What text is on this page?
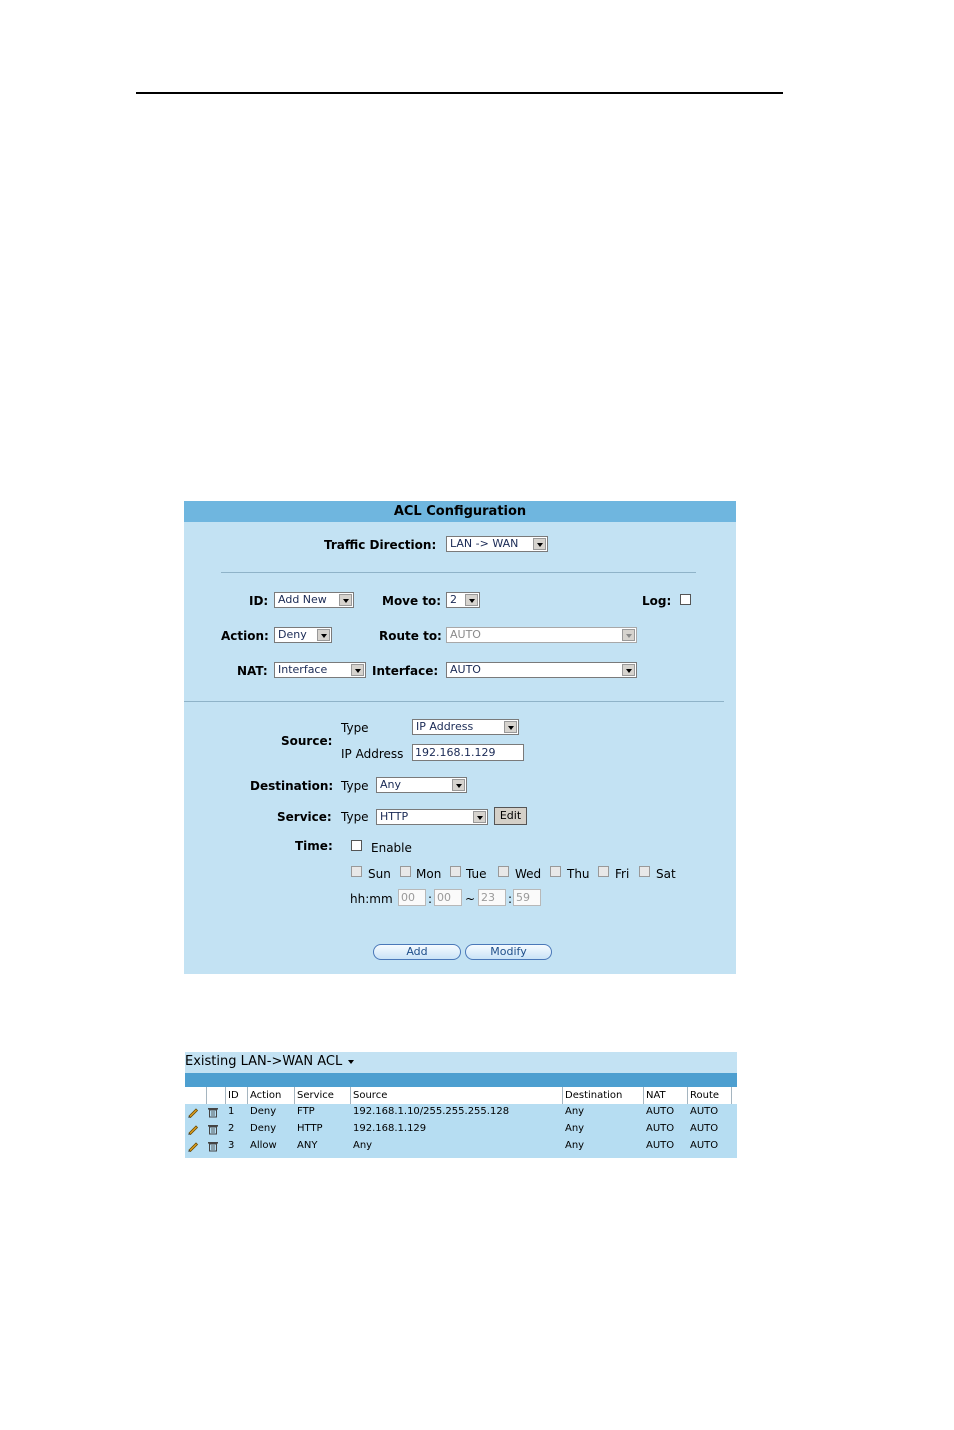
ACL Configuration
Traffic Direction:	LAN -> WAN
ID: Add New	Move to: 2	Log:
Action: Deny	Route to: AUTO
NAT: Interface	Interface:	AUTO
Source:
Type	IP Address
IP Address 192.168.1.129
Destination: Type	Any
Service: Type	HTTP	Edit
Time:	Enable
Sun Mon Tue Wed Thu Fri Sat
hh:mm 00	: 00	~ 23	: 59
Add	Modify
Existing LAN->WAN ACL
ID Action Service Source	Destination NAT Route
1 Deny FTP	192.168.1.10/255.255.255.128	Any	AUTO AUTO
2 Deny HTTP	192.168.1.129	Any	AUTO AUTO
3 Allow ANY	Any	Any	AUTO AUTO
